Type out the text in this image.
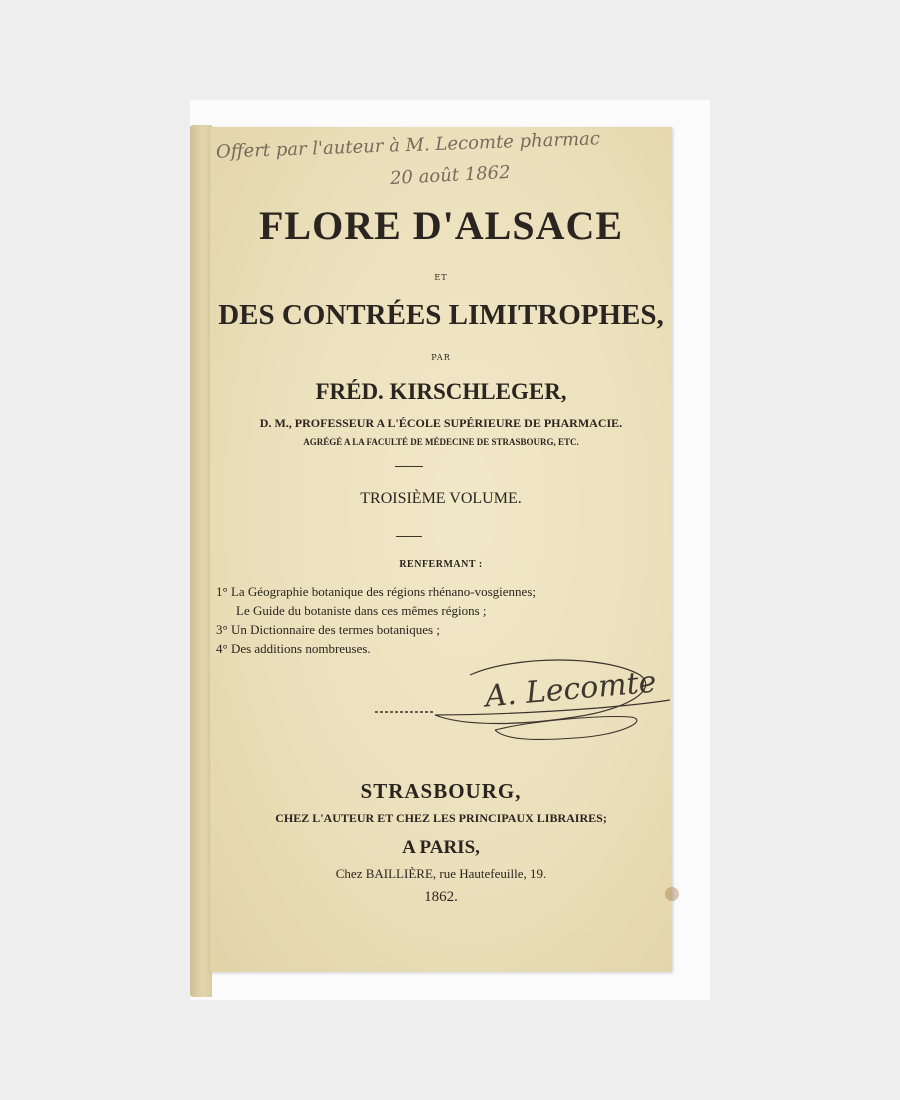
Offert par l'auteur à M. Lecomte pharmac
20 août 1862
FLORE D'ALSACE
ET
DES CONTRÉES LIMITROPHES,
PAR
FRÉD. KIRSCHLEGER,
D. M., PROFESSEUR A L'ÉCOLE SUPÉRIEURE DE PHARMACIE.
AGRÉGÉ A LA FACULTÉ DE MÉDECINE DE STRASBOURG, ETC.
TROISIÈME VOLUME.
RENFERMANT :
1° La Géographie botanique des régions rhénano-vosgiennes;
Le Guide du botaniste dans ces mêmes régions ;
3° Un Dictionnaire des termes botaniques ;
4° Des additions nombreuses.
A. Lecomte
STRASBOURG,
CHEZ L'AUTEUR ET CHEZ LES PRINCIPAUX LIBRAIRES;
A PARIS,
Chez BAILLIÈRE, rue Hautefeuille, 19.
1862.
